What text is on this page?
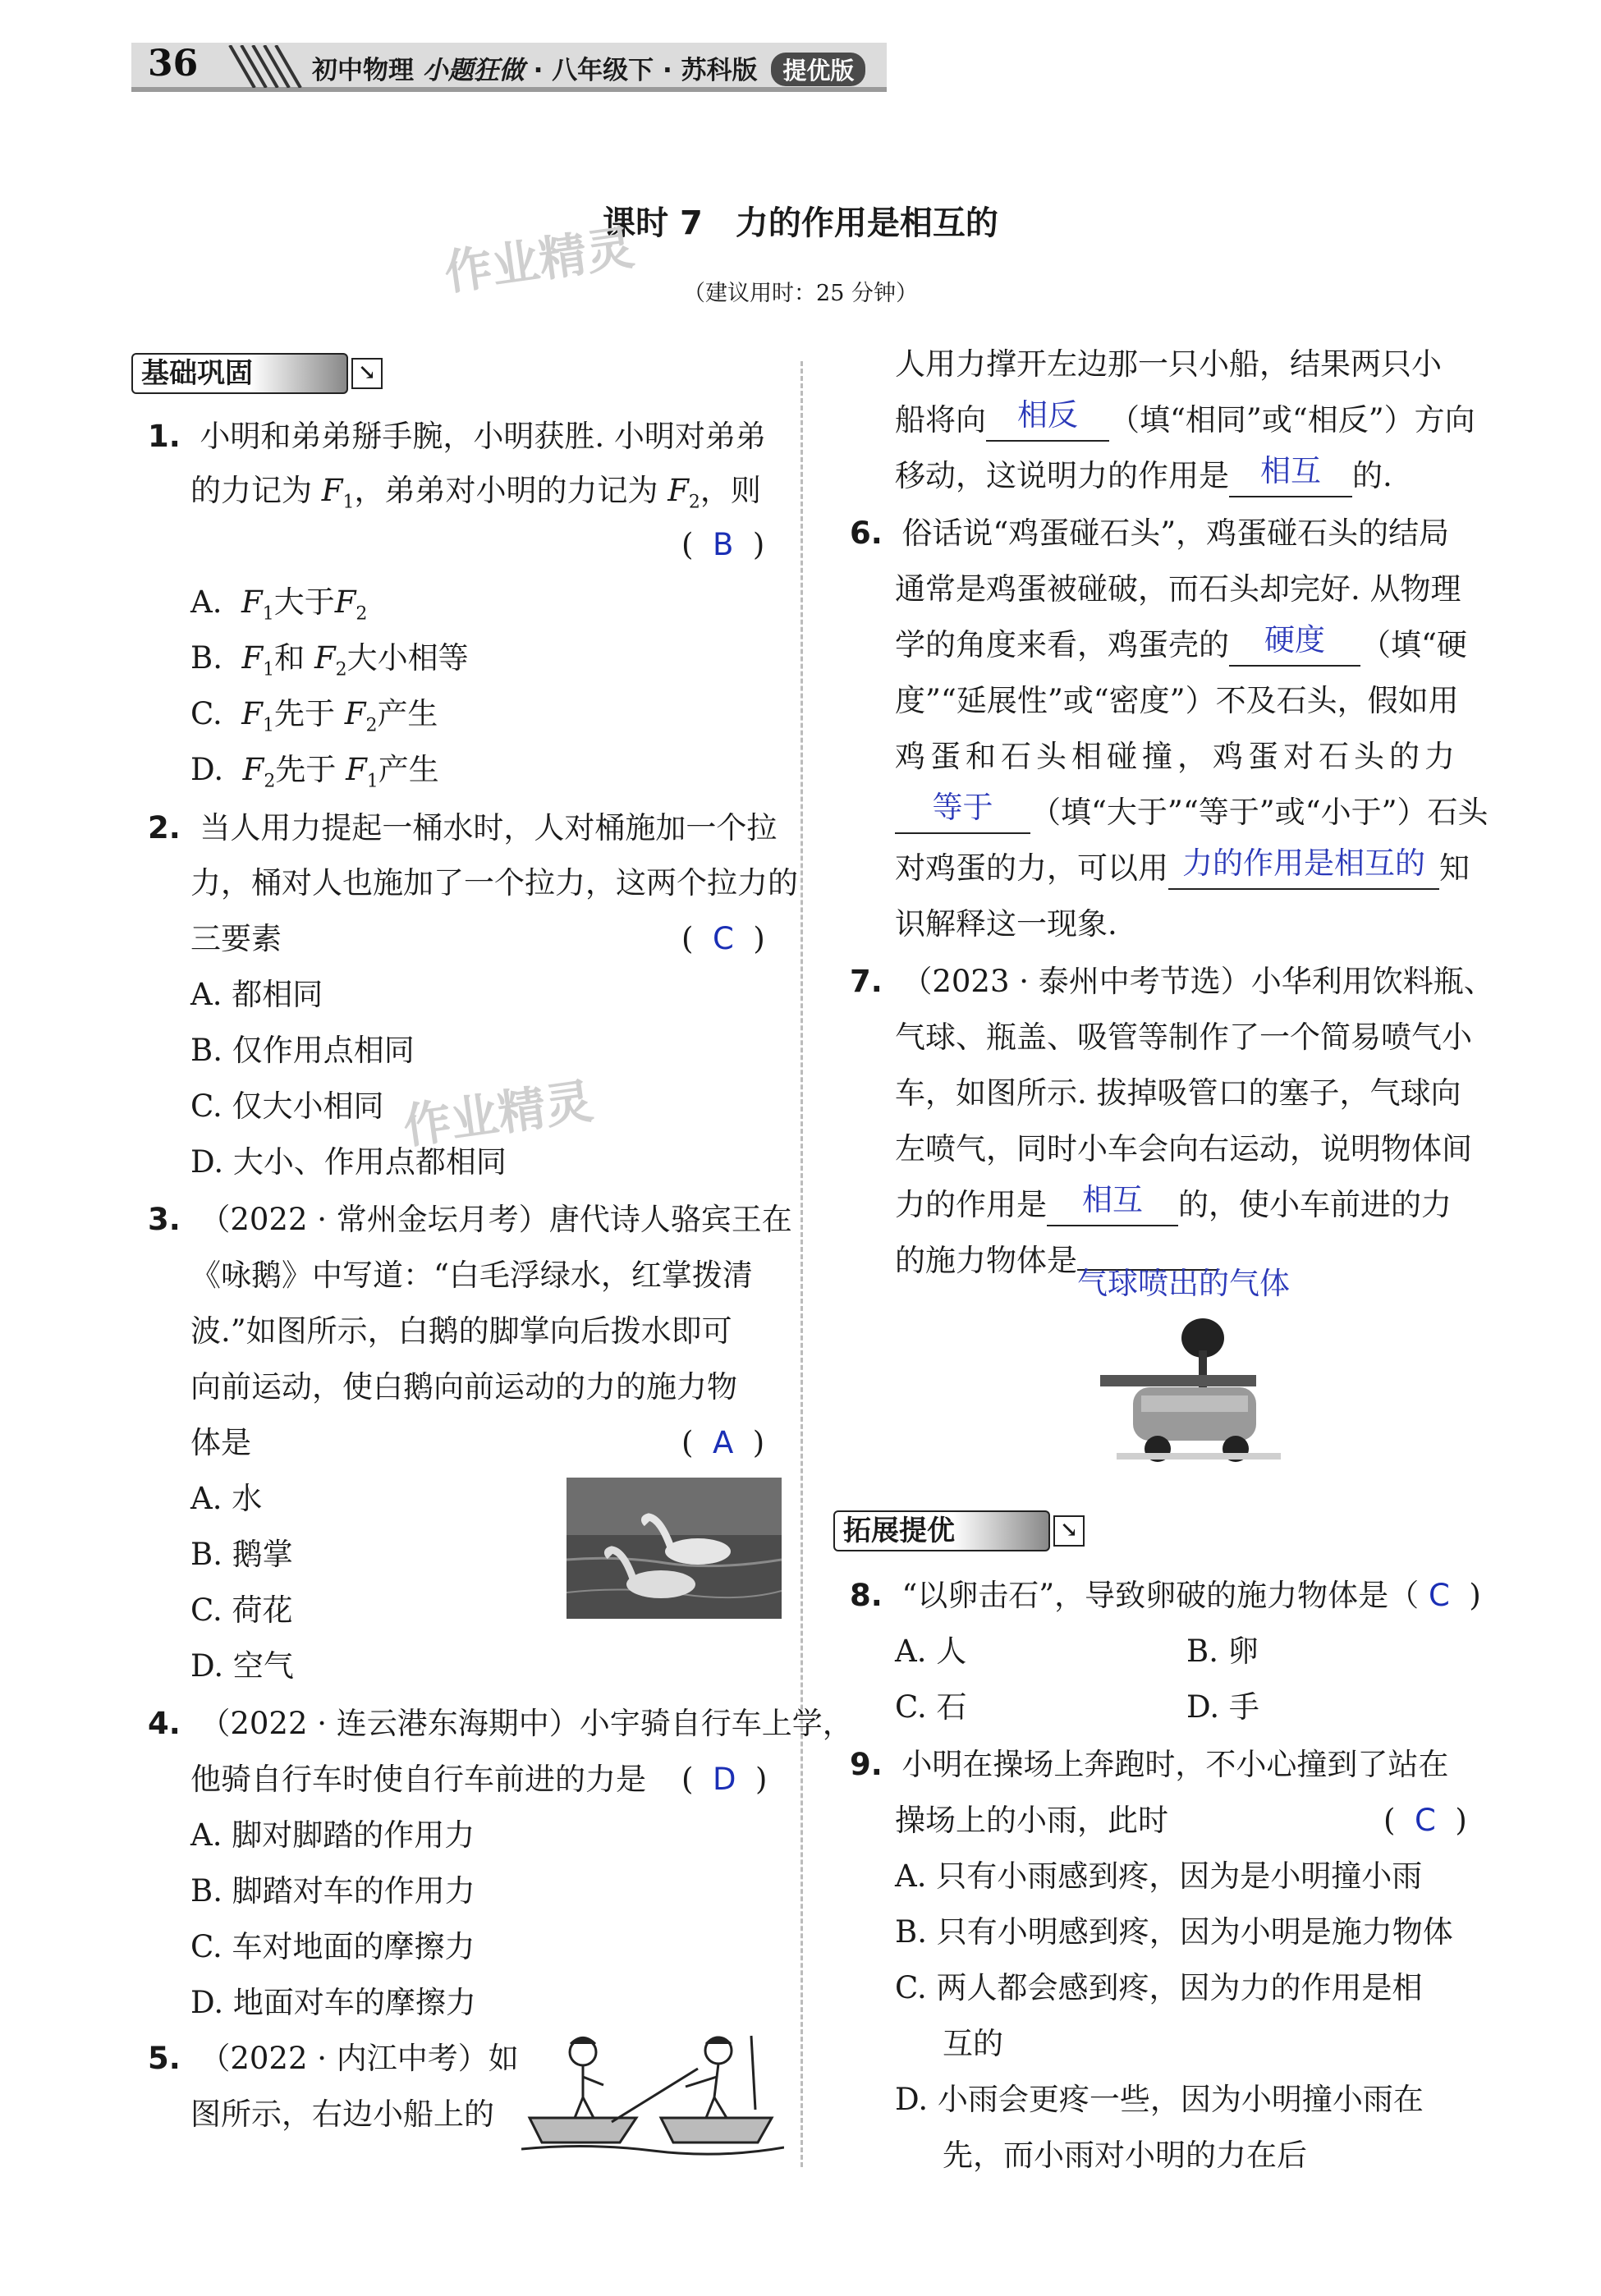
36	初中物理 小题狂做 · 八年级下 · 苏科版 提优版
课时 7　力的作用是相互的
作业精灵	（建议用时：25 分钟）
基础巩固	↘
1. 小明和弟弟掰手腕，小明获胜. 小明对弟弟
的力记为 $F_1$，弟弟对小明的力记为 $F_2$，则
(  B  )
A. $F_1$大于$F_2$
B. $F_1$和 $F_2$大小相等
C. $F_1$先于 $F_2$产生
D. $F_2$先于 $F_1$产生
2. 当人用力提起一桶水时，人对桶施加一个拉
力，桶对人也施加了一个拉力，这两个拉力的
三要素	(  C  )
A. 都相同
B. 仅作用点相同
C. 仅大小相同 作业精灵
D. 大小、作用点都相同
3. （2022 · 常州金坛月考）唐代诗人骆宾王在
《咏鹅》中写道：“白毛浮绿水，红掌拨清
波.”如图所示，白鹅的脚掌向后拨水即可
向前运动，使白鹅向前运动的力的施力物
体是	(  A  )
A. 水
B. 鹅掌
C. 荷花
D. 空气
4. （2022 · 连云港东海期中）小宇骑自行车上学，
他骑自行车时使自行车前进的力是 (  D  )
A. 脚对脚踏的作用力
B. 脚踏对车的作用力
C. 车对地面的摩擦力
D. 地面对车的摩擦力
5. （2022 · 内江中考）如
图所示，右边小船上的
人用力撑开左边那一只小船，结果两只小
船将向 相反 （填“相同”或“相反”）方向
移动，这说明力的作用是 相互 的.
6. 俗话说“鸡蛋碰石头”，鸡蛋碰石头的结局
通常是鸡蛋被碰破，而石头却完好. 从物理
学的角度来看，鸡蛋壳的 硬度 （填“硬
度”“延展性”或“密度”）不及石头，假如用
鸡蛋和石头相碰撞，鸡蛋对石头的力
等于 （填“大于”“等于”或“小于”）石头
对鸡蛋的力，可以用 力的作用是相互的 知
识解释这一现象.
7. （2023 · 泰州中考节选）小华利用饮料瓶、
气球、瓶盖、吸管等制作了一个简易喷气小
车，如图所示. 拔掉吸管口的塞子，气球向
左喷气，同时小车会向右运动，说明物体间
力的作用是 相互 的，使小车前进的力
的施力物体是
气球喷出的气体
拓展提优	↘
8. “以卵击石”，导致卵破的施力物体是（ C  )
A. 人	B. 卵
C. 石	D. 手
9. 小明在操场上奔跑时，不小心撞到了站在
操场上的小雨，此时	(  C  )
A. 只有小雨感到疼，因为是小明撞小雨
B. 只有小明感到疼，因为小明是施力物体
C. 两人都会感到疼，因为力的作用是相
互的
D. 小雨会更疼一些，因为小明撞小雨在
先，而小雨对小明的力在后
